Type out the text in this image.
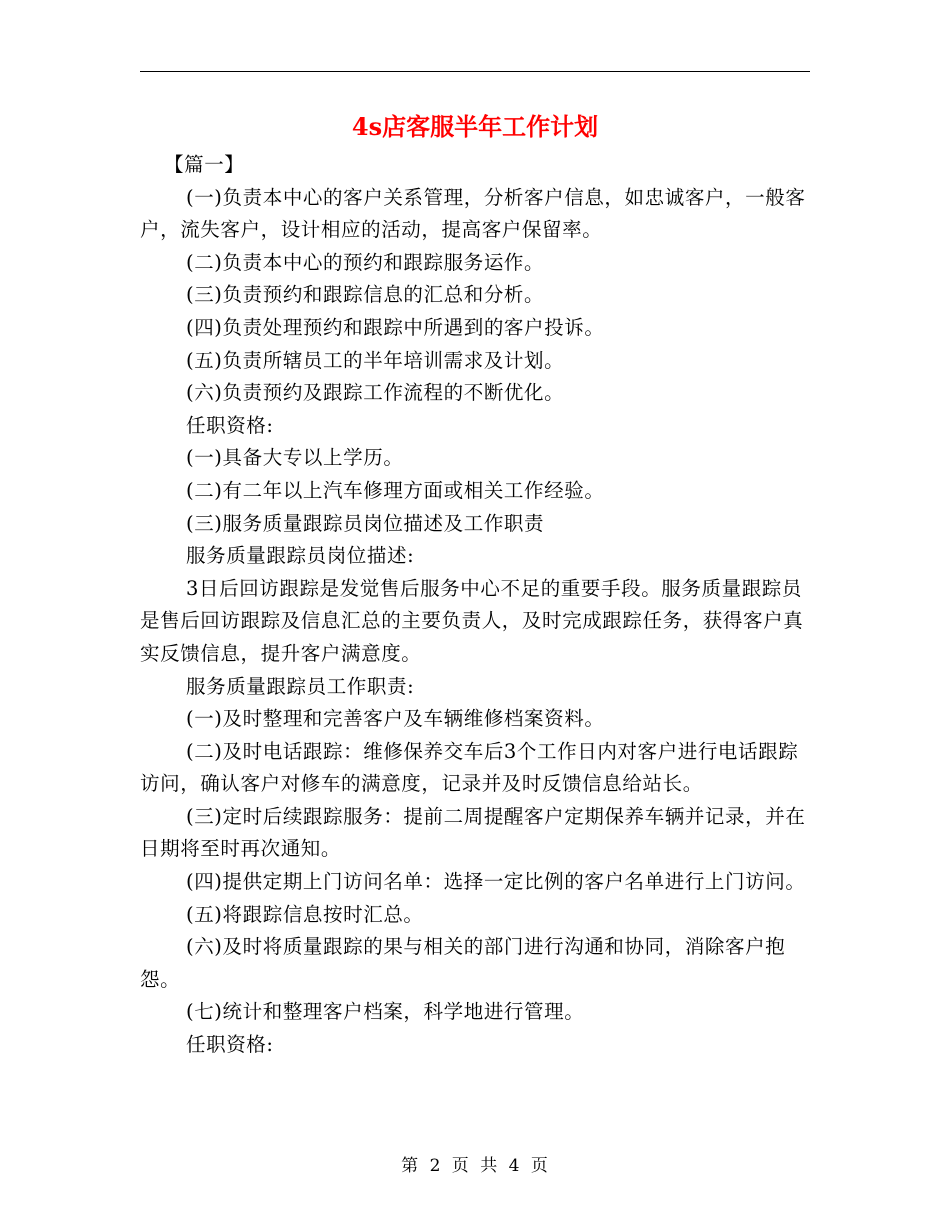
4s店客服半年工作计划

【篇一】

(一)负责本中心的客户关系管理，分析客户信息，如忠诚客户，一般客户，流失客户，设计相应的活动，提高客户保留率。

(二)负责本中心的预约和跟踪服务运作。

(三)负责预约和跟踪信息的汇总和分析。

(四)负责处理预约和跟踪中所遇到的客户投诉。

(五)负责所辖员工的半年培训需求及计划。

(六)负责预约及跟踪工作流程的不断优化。

任职资格:

(一)具备大专以上学历。

(二)有二年以上汽车修理方面或相关工作经验。

(三)服务质量跟踪员岗位描述及工作职责

服务质量跟踪员岗位描述:

3日后回访跟踪是发觉售后服务中心不足的重要手段。服务质量跟踪员是售后回访跟踪及信息汇总的主要负责人，及时完成跟踪任务，获得客户真实反馈信息，提升客户满意度。

服务质量跟踪员工作职责:

(一)及时整理和完善客户及车辆维修档案资料。

(二)及时电话跟踪：维修保养交车后3个工作日内对客户进行电话跟踪访问，确认客户对修车的满意度，记录并及时反馈信息给站长。

(三)定时后续跟踪服务：提前二周提醒客户定期保养车辆并记录，并在日期将至时再次通知。

(四)提供定期上门访问名单：选择一定比例的客户名单进行上门访问。

(五)将跟踪信息按时汇总。

(六)及时将质量跟踪的果与相关的部门进行沟通和协同，消除客户抱怨。

(七)统计和整理客户档案，科学地进行管理。

任职资格:

第 2 页 共 4 页
